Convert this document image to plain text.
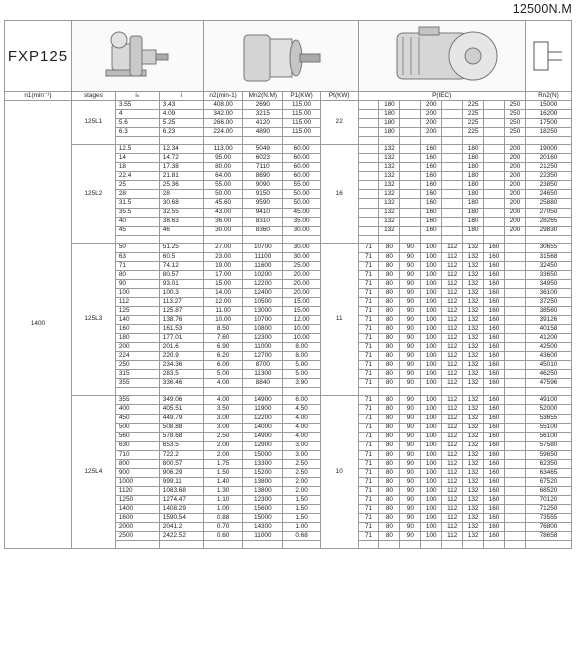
12500N.M
FXP125	

n1(min⁻¹)	stages	iₛ	i	n2(min-1)	Mn2(N.M)	P1(KW)	Pt(KW)	P(IEC)								Rn2(N)
1400	125L1	3.55	3.43	408.00	2690	115.00	22		180		200		225		250	15000
		4	4.09	342.00	3215	115.00			180		200		225		250	16200
		5.6	5.25	266.00	4120	115.00			180		200		225		250	17500
		6.3	6.23	224.00	4890	115.00			180		200		225		250	18250

	125L2	12.5	12.34	113.00	5049	60.00	16		132		160		180		200	19000
		14	14.72	95.00	6023	60.00			132		160		180		200	20160
		18	17.38	80.00	7110	60.00			132		160		180		200	21250
		22.4	21.81	64.00	8690	60.00			132		160		180		200	22350
		25	25.36	55.00	9090	55.00			132		160		180		200	23850
		28	28	50.00	9150	50.00			132		160		180		200	24650
		31.5	30.68	45.60	9590	50.00			132		160		180		200	25880
		35.5	32.55	43.00	9410	45.00			132		160		180		200	27050
		40	38.63	36.00	8310	35.00			132		160		180		200	28265
		45	46	30.00	8360	30.00			132		160		180		200	29830

	125L3	50	51.25	27.00	10700	30.00	11	71	80	90	100	112	132	160		30655
		63	60.5	23.00	11100	30.00		71	80	90	100	112	132	160		31568
		71	74.12	19.00	11600	25.00		71	80	90	100	112	132	160		32450
		80	80.57	17.00	10200	20.00		71	80	90	100	112	132	160		33650
		90	93.01	15.00	12200	20.00		71	80	90	100	112	132	160		34950
		100	100.3	14.00	12400	20.00		71	80	90	100	112	132	160		36100
		112	113.27	12.00	10500	15.00		71	80	90	100	112	132	160		37250
		125	125.87	11.00	13000	15.00		71	80	90	100	112	132	160		38560
		140	138.76	10.00	10700	12.00		71	80	90	100	112	132	160		39126
		160	161.53	8.50	10800	10.00		71	80	90	100	112	132	160		40158
		180	177.01	7.60	12300	10.00		71	80	90	100	112	132	160		41200
		200	201.6	6.90	11000	8.00		71	80	90	100	112	132	160		42500
		224	220.9	6.20	12700	8.00		71	80	90	100	112	132	160		43600
		250	234.36	6.00	8700	5.00		71	80	90	100	112	132	160		45010
		315	283.5	5.00	11300	5.00		71	80	90	100	112	132	160		46250
		355	336.46	4.00	8840	3.90		71	80	90	100	112	132	160		47596

	125L4	355	349.06	4.00	14900	6.00	10	71	80	90	100	112	132	160		49100
		400	405.51	3.50	11900	4.50		71	80	90	100	112	132	160		52000
		450	449.79	3.00	12200	4.00		71	80	90	100	112	132	160		53655
		500	508.88	3.00	14000	4.00		71	80	90	100	112	132	160		55100
		560	578.68	2.50	14900	4.00		71	80	90	100	112	132	160		56100
		630	653.5	2.00	12900	3.00		71	80	90	100	112	132	160		57580
		710	722.2	2.00	15000	3.00		71	80	90	100	112	132	160		59650
		800	800.57	1.75	13300	2.50		71	80	90	100	112	132	160		62350
		900	906.29	1.50	15200	2.50		71	80	90	100	112	132	160		63465
		1000	999.11	1.40	13800	2.00		71	80	90	100	112	132	160		67520
		1120	1083.68	1.30	13800	2.00		71	80	90	100	112	132	160		68520
		1250	1274.47	1.10	12300	1.50		71	80	90	100	112	132	160		70120
		1400	1408.29	1.00	15600	1.50		71	80	90	100	112	132	160		71250
		1600	1590.54	0.88	15000	1.50		71	80	90	100	112	132	160		73555
		2000	2041.2	0.70	14300	1.00		71	80	90	100	112	132	160		76800
		2500	2422.52	0.60	11000	0.68		71	80	90	100	112	132	160		78658
